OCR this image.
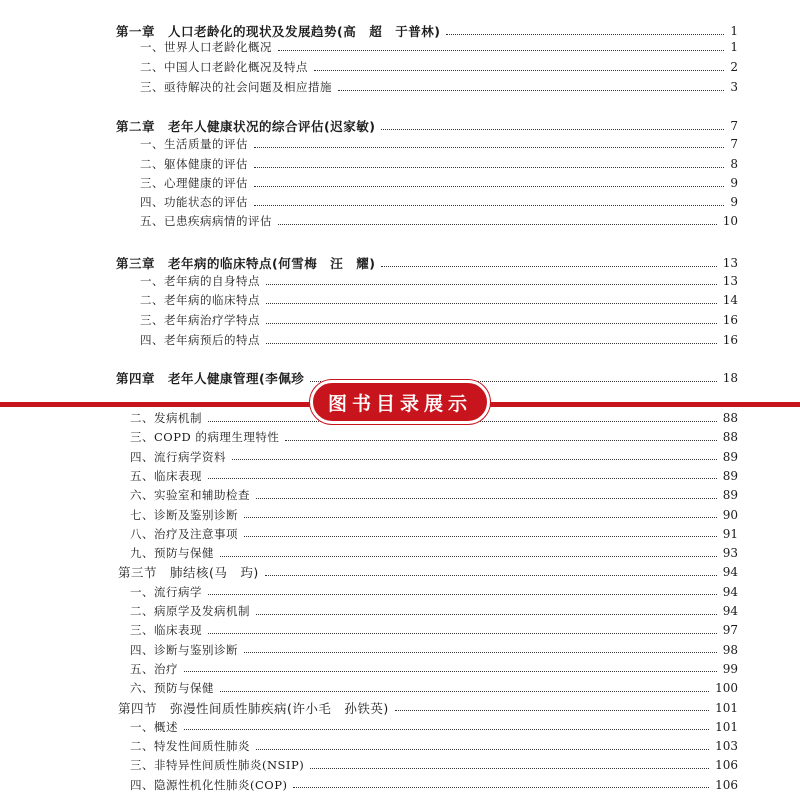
第一章　人口老龄化的现状及发展趋势(高　超　于普林)	1
一、世界人口老龄化概况	1
二、中国人口老龄化概况及特点	2
三、亟待解决的社会问题及相应措施	3
第二章　老年人健康状况的综合评估(迟家敏)	7
一、生活质量的评估	7
二、躯体健康的评估	8
三、心理健康的评估	9
四、功能状态的评估	9
五、已患疾病病情的评估	10
第三章　老年病的临床特点(何雪梅　汪　耀)	13
一、老年病的自身特点	13
二、老年病的临床特点	14
三、老年病治疗学特点	16
四、老年病预后的特点	16
第四章　老年人健康管理(李佩珍	18
二、发病机制	88
三、COPD 的病理生理特性	88
四、流行病学资料	89
五、临床表现	89
六、实验室和辅助检查	89
七、诊断及鉴别诊断	90
八、治疗及注意事项	91
九、预防与保健	93
第三节　肺结核(马　玙)	94
一、流行病学	94
二、病原学及发病机制	94
三、临床表现	97
四、诊断与鉴别诊断	98
五、治疗	99
六、预防与保健	100
第四节　弥漫性间质性肺疾病(许小毛　孙铁英)	101
一、概述	101
二、特发性间质性肺炎	103
三、非特异性间质性肺炎(NSIP)	106
四、隐源性机化性肺炎(COP)	106
图书目录展示
